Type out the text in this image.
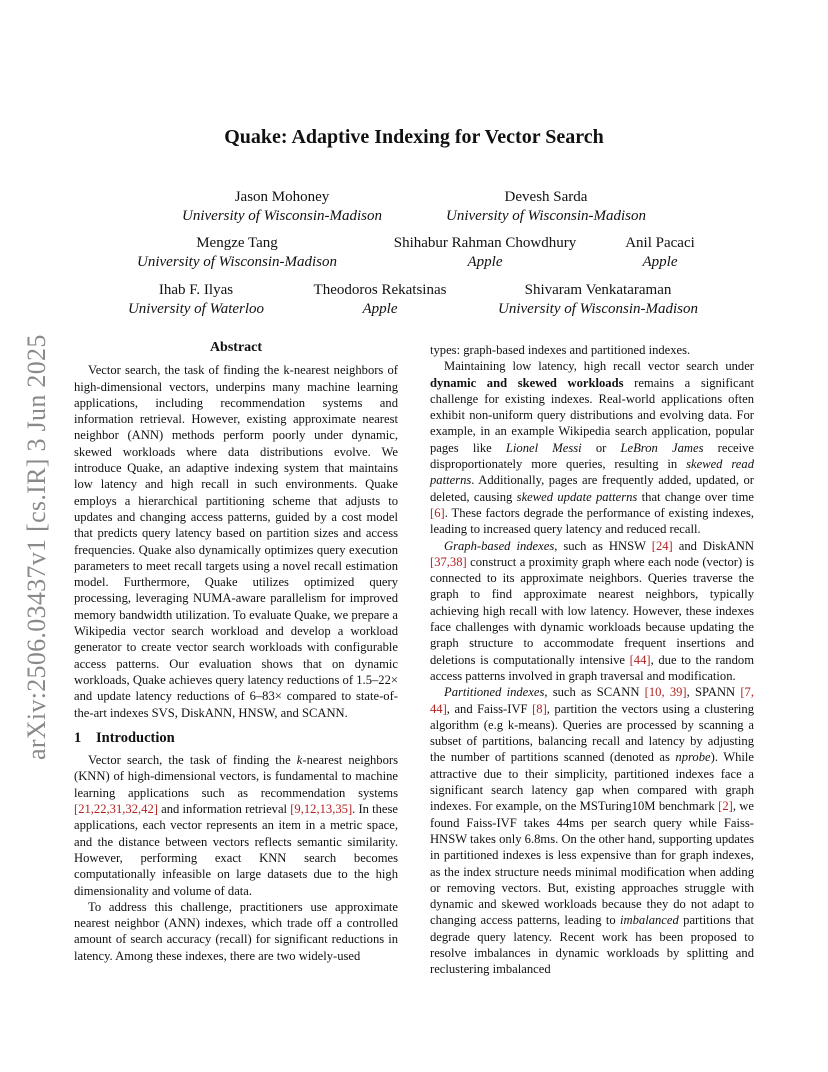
arXiv:2506.03437v1 [cs.IR] 3 Jun 2025
Quake: Adaptive Indexing for Vector Search
Jason Mohoney
University of Wisconsin-Madison
Devesh Sarda
University of Wisconsin-Madison
Mengze Tang
University of Wisconsin-Madison
Shihabur Rahman Chowdhury
Apple
Anil Pacaci
Apple
Ihab F. Ilyas
University of Waterloo
Theodoros Rekatsinas
Apple
Shivaram Venkataraman
University of Wisconsin-Madison
Abstract

Vector search, the task of finding the k-nearest neighbors of high-dimensional vectors, underpins many machine learning applications, including recommendation systems and information retrieval. However, existing approximate nearest neighbor (ANN) methods perform poorly under dynamic, skewed workloads where data distributions evolve. We introduce Quake, an adaptive indexing system that maintains low latency and high recall in such environments. Quake employs a hierarchical partitioning scheme that adjusts to updates and changing access patterns, guided by a cost model that predicts query latency based on partition sizes and access frequencies. Quake also dynamically optimizes query execution parameters to meet recall targets using a novel recall estimation model. Furthermore, Quake utilizes optimized query processing, leveraging NUMA-aware parallelism for improved memory bandwidth utilization. To evaluate Quake, we prepare a Wikipedia vector search workload and develop a workload generator to create vector search workloads with configurable access patterns. Our evaluation shows that on dynamic workloads, Quake achieves query latency reductions of 1.5–22× and update latency reductions of 6–83× compared to state-of-the-art indexes SVS, DiskANN, HNSW, and SCANN.

1 Introduction

Vector search, the task of finding the k-nearest neighbors (KNN) of high-dimensional vectors, is fundamental to machine learning applications such as recommendation systems [21,22,31,32,42] and information retrieval [9,12,13,35]. In these applications, each vector represents an item in a metric space, and the distance between vectors reflects semantic similarity. However, performing exact KNN search becomes computationally infeasible on large datasets due to the high dimensionality and volume of data.

To address this challenge, practitioners use approximate nearest neighbor (ANN) indexes, which trade off a controlled amount of search accuracy (recall) for significant reductions in latency. Among these indexes, there are two widely-used

types: graph-based indexes and partitioned indexes.

Maintaining low latency, high recall vector search under dynamic and skewed workloads remains a significant challenge for existing indexes. Real-world applications often exhibit non-uniform query distributions and evolving data. For example, in an example Wikipedia search application, popular pages like Lionel Messi or LeBron James receive disproportionately more queries, resulting in skewed read patterns. Additionally, pages are frequently added, updated, or deleted, causing skewed update patterns that change over time [6]. These factors degrade the performance of existing indexes, leading to increased query latency and reduced recall.

Graph-based indexes, such as HNSW [24] and DiskANN [37,38] construct a proximity graph where each node (vector) is connected to its approximate neighbors. Queries traverse the graph to find approximate nearest neighbors, typically achieving high recall with low latency. However, these indexes face challenges with dynamic workloads because updating the graph structure to accommodate frequent insertions and deletions is computationally intensive [44], due to the random access patterns involved in graph traversal and modification.

Partitioned indexes, such as SCANN [10, 39], SPANN [7, 44], and Faiss-IVF [8], partition the vectors using a clustering algorithm (e.g k-means). Queries are processed by scanning a subset of partitions, balancing recall and latency by adjusting the number of partitions scanned (denoted as nprobe). While attractive due to their simplicity, partitioned indexes face a significant search latency gap when compared with graph indexes. For example, on the MSTuring10M benchmark [2], we found Faiss-IVF takes 44ms per search query while Faiss-HNSW takes only 6.8ms. On the other hand, supporting updates in partitioned indexes is less expensive than for graph indexes, as the index structure needs minimal modification when adding or removing vectors. But, existing approaches struggle with dynamic and skewed workloads because they do not adapt to changing access patterns, leading to imbalanced partitions that degrade query latency. Recent work has been proposed to resolve imbalances in dynamic workloads by splitting and reclustering imbalanced
